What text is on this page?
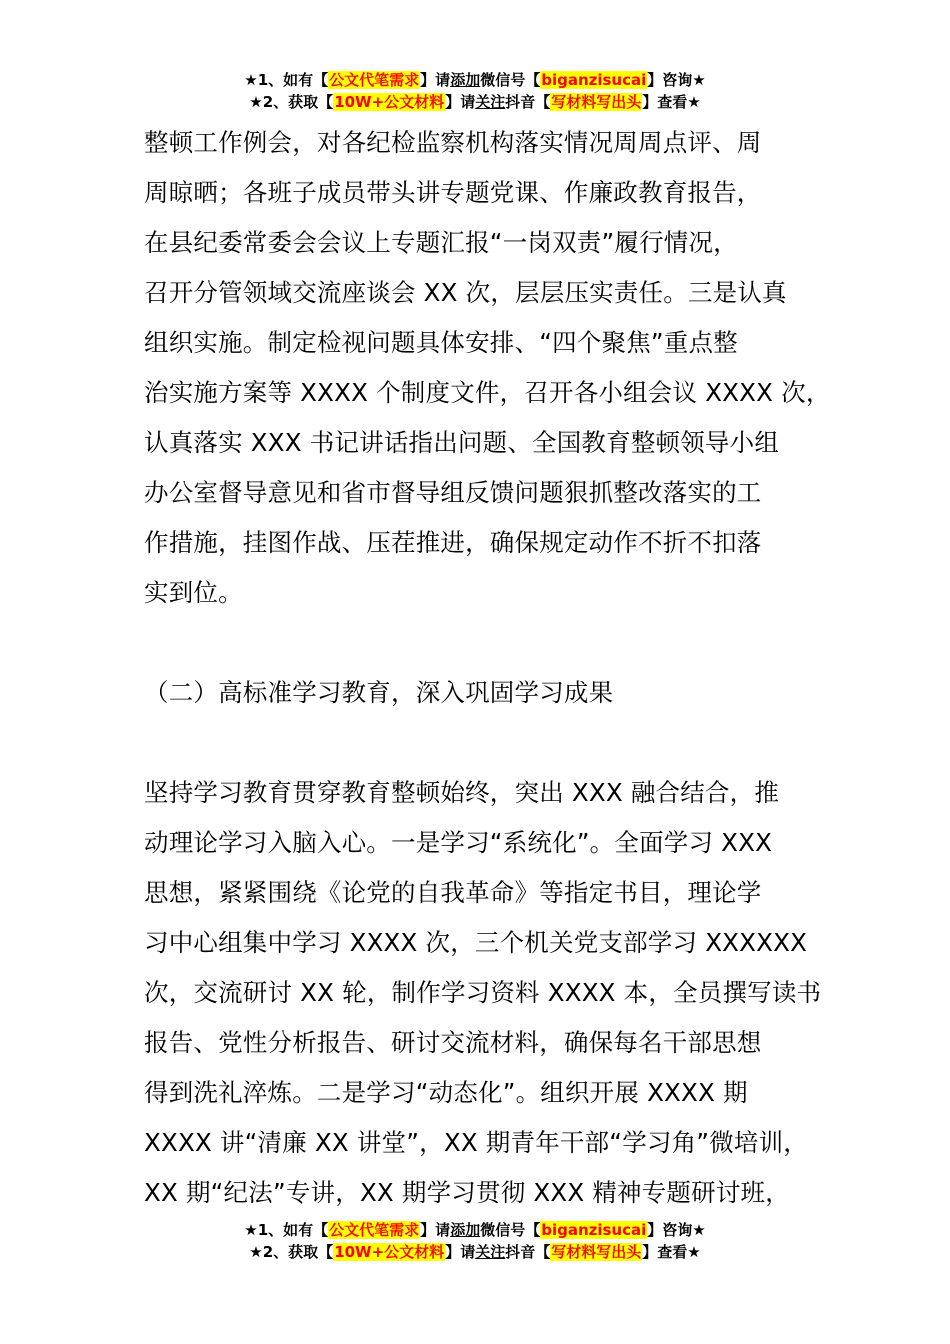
★1、如有【公文代笔需求】请添加微信号【biganzisucai】咨询★
★2、获取【10W+公文材料】请关注抖音【写材料写出头】查看★
整顿工作例会，对各纪检监察机构落实情况周周点评、周
周晾晒；各班子成员带头讲专题党课、作廉政教育报告，
在县纪委常委会会议上专题汇报“一岗双责”履行情况，
召开分管领域交流座谈会 XX 次，层层压实责任。三是认真
组织实施。制定检视问题具体安排、“四个聚焦”重点整
治实施方案等 XXXX 个制度文件，召开各小组会议 XXXX 次，
认真落实 XXX 书记讲话指出问题、全国教育整顿领导小组
办公室督导意见和省市督导组反馈问题狠抓整改落实的工
作措施，挂图作战、压茬推进，确保规定动作不折不扣落
实到位。
（二）高标准学习教育，深入巩固学习成果
坚持学习教育贯穿教育整顿始终，突出 XXX 融合结合，推
动理论学习入脑入心。一是学习“系统化”。全面学习 XXX
思想，紧紧围绕《论党的自我革命》等指定书目，理论学
习中心组集中学习 XXXX 次，三个机关党支部学习 XXXXXX
次，交流研讨 XX 轮，制作学习资料 XXXX 本，全员撰写读书
报告、党性分析报告、研讨交流材料，确保每名干部思想
得到洗礼淬炼。二是学习“动态化”。组织开展 XXXX 期
XXXX 讲“清廉 XX 讲堂”，XX 期青年干部“学习角”微培训，
XX 期“纪法”专讲，XX 期学习贯彻 XXX 精神专题研讨班，
★1、如有【公文代笔需求】请添加微信号【biganzisucai】咨询★
★2、获取【10W+公文材料】请关注抖音【写材料写出头】查看★
